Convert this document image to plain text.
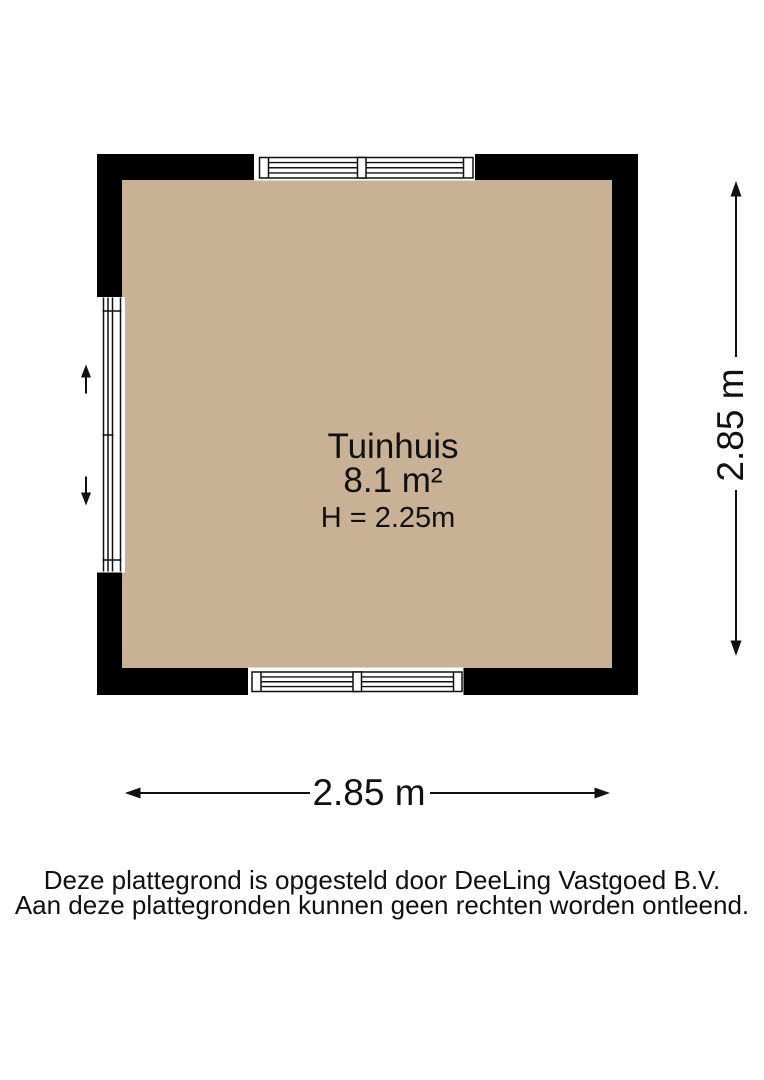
2.85 m
2.85 m
Tuinhuis
8.1 m²
H = 2.25m
Deze plattegrond is opgesteld door DeeLing Vastgoed B.V.
Aan deze plattegronden kunnen geen rechten worden ontleend.
